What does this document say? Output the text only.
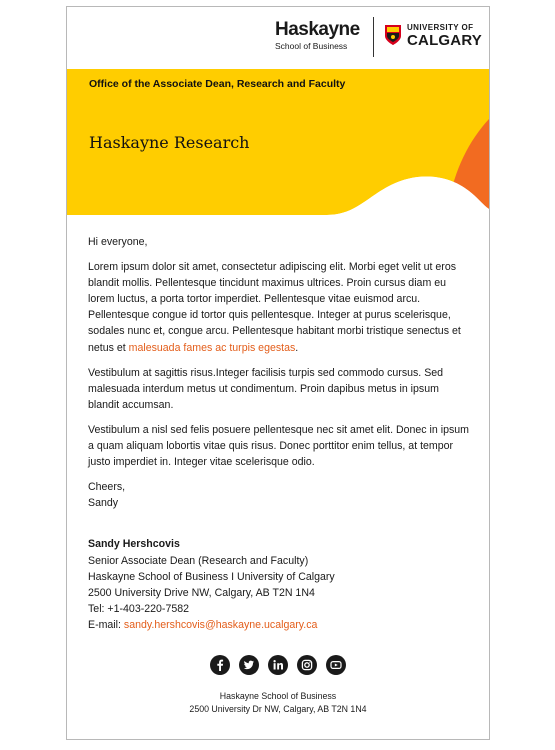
Haskayne
School of Business
UNIVERSITY OF
CALGARY
Office of the Associate Dean, Research and Faculty
Haskayne Research

Hi everyone,

Lorem ipsum dolor sit amet, consectetur adipiscing elit. Morbi eget velit ut eros blandit mollis. Pellentesque tincidunt maximus ultrices. Proin cursus diam eu lorem luctus, a porta tortor imperdiet. Pellentesque vitae euismod arcu. Pellentesque congue id tortor quis pellentesque. Integer at purus scelerisque, sodales nunc et, congue arcu. Pellentesque habitant morbi tristique senectus et netus et malesuada fames ac turpis egestas.

Vestibulum at sagittis risus.Integer facilisis turpis sed commodo cursus. Sed malesuada interdum metus ut condimentum. Proin dapibus metus in ipsum blandit accumsan.

Vestibulum a nisl sed felis posuere pellentesque nec sit amet elit. Donec in ipsum a quam aliquam lobortis vitae quis risus. Donec porttitor enim tellus, at tempor justo imperdiet in. Integer vitae scelerisque odio.

Cheers,
Sandy

Sandy Hershcovis
Senior Associate Dean (Research and Faculty)
Haskayne School of Business I University of Calgary
2500 University Drive NW, Calgary, AB T2N 1N4
Tel: +1-403-220-7582
E-mail: sandy.hershcovis@haskayne.ucalgary.ca
Haskayne School of Business
2500 University Dr NW, Calgary, AB T2N 1N4
